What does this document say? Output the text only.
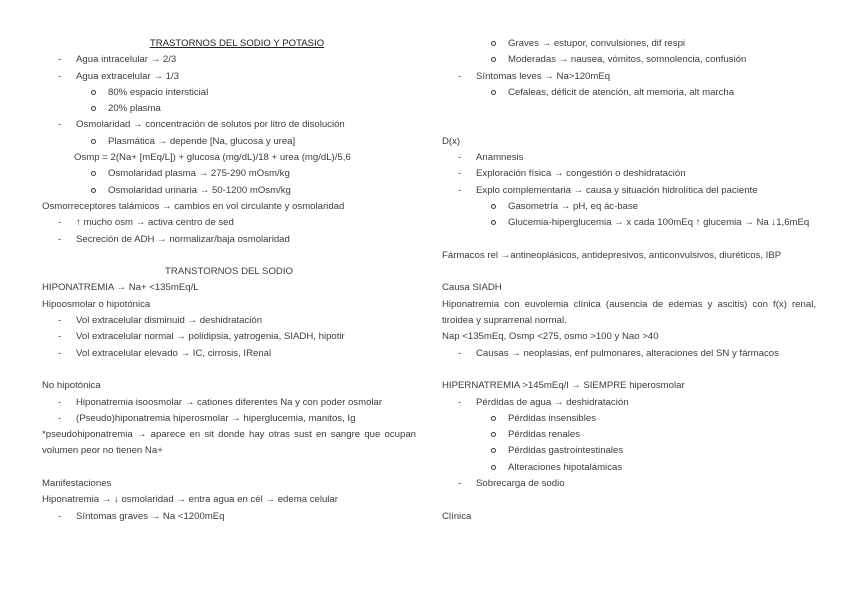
TRASTORNOS DEL SODIO Y POTASIO
- Agua intracelular → 2/3
- Agua extracelular → 1/3
80% espacio intersticial
20% plasma
- Osmolaridad → concentración de solutos por litro de disolución
Plasmática → depende [Na, glucosa y urea]
Osmp = 2(Na+ [mEq/L]) + glucosa (mg/dL)/18 + urea (mg/dL)/5,6
Osmolaridad plasma → 275-290 mOsm/kg
Osmolaridad urinaria → 50-1200 mOsm/kg
Osmorreceptores talámicos → cambios en vol circulante y osmolaridad
- ↑ mucho osm → activa centro de sed
- Secreción de ADH → normalizar/baja osmolaridad
TRANSTORNOS DEL SODIO
HIPONATREMIA → Na+ <135mEq/L
Hipoosmolar o hipotónica
- Vol extracelular disminuid → deshidratación
- Vol extracelular normal → polidipsia, yatrogenia, SIADH, hipotir
- Vol extracelular elevado → IC, cirrosis, IRenal
No hipotónica
- Hiponatremia isoosmolar → cationes diferentes Na y con poder osmolar
- (Pseudo)hiponatremia hiperosmolar → hiperglucemia, manitos, Ig
*pseudohiponatremia → aparece en sit donde hay otras sust en sangre que ocupan volumen peor no tienen Na+
Manifestaciones
Hiponatremia → ↓ osmolaridad → entra agua en cél → edema celular
- Síntomas graves → Na <1200mEq
Graves → estupor, convulsiones, dif respi
Moderadas → nausea, vómitos, somnolencia, confusión
- Síntomas leves → Na>120mEq
Cefaleas, déficit de atención, alt memoria, alt marcha
D(x)
- Anamnesis
- Exploración física → congestión o deshidratación
- Explo complementaria → causa y situación hidrolítica del paciente
Gasometría → pH, eq ác-base
Glucemia-hiperglucemia → x cada 100mEq ↑ glucemia → Na ↓1,6mEq
Fármacos rel →antineoplásicos, antidepresivos, anticonvulsivos, diuréticos, IBP
Causa SIADH
Hiponatremia con euvolemia clínica (ausencia de edemas y ascitis) con f(x) renal, tiroidea y suprarrenal normal.
Nap <135mEq, Osmp <275, osmo >100 y Nao >40
- Causas → neoplasias, enf pulmonares, alteraciones del SN y fármacos
HIPERNATREMIA >145mEq/l → SIEMPRE hiperosmolar
- Pérdidas de agua → deshidratación
Pérdidas insensibles
Pérdidas renales
Pérdidas gastrointestinales
Alteraciones hipotalámicas
- Sobrecarga de sodio
Clínica
